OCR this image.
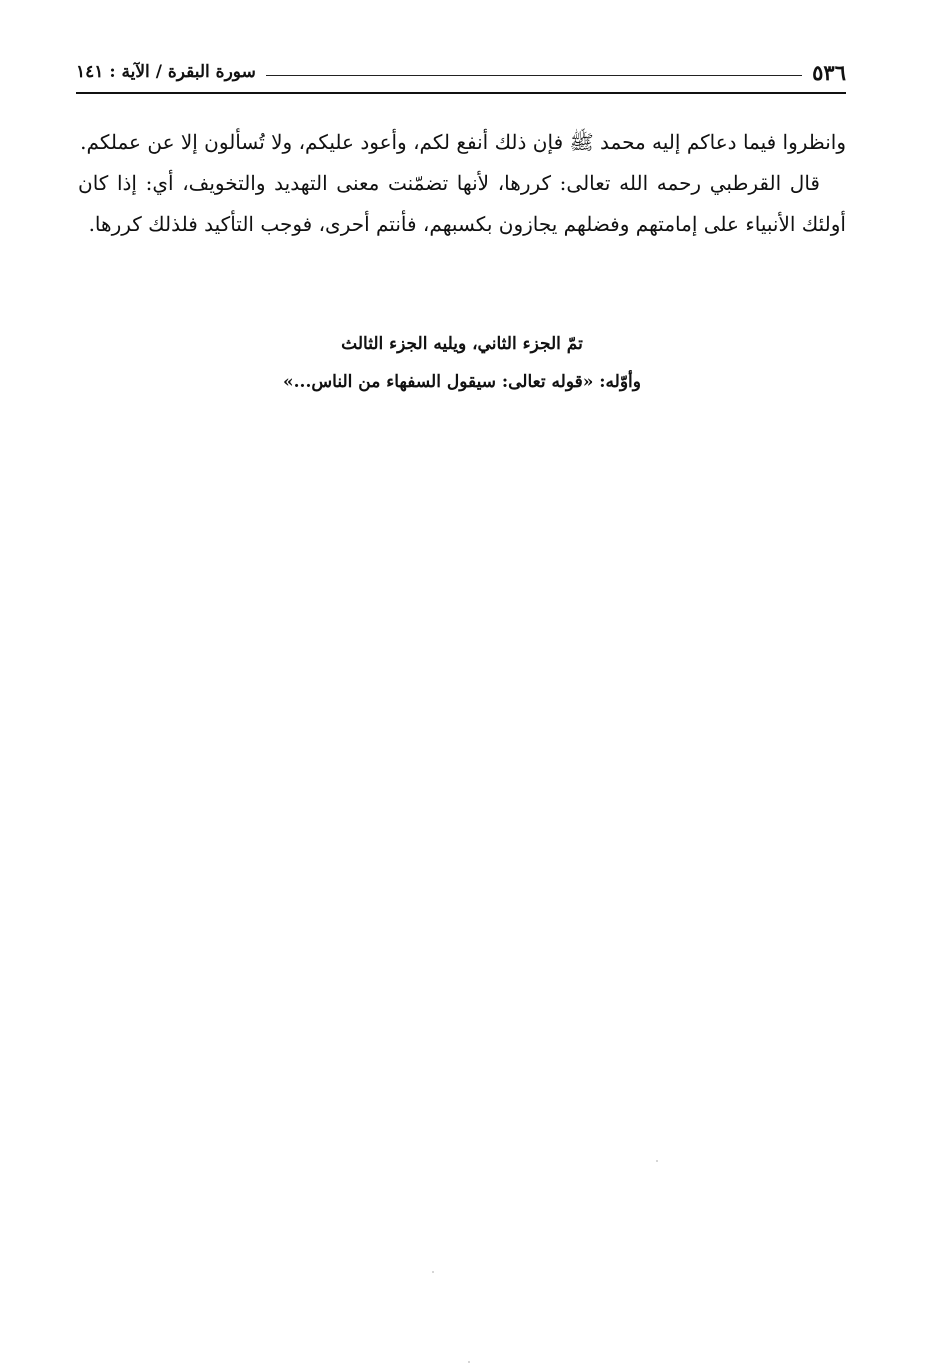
٥٣٦
سورة البقرة / الآية : ١٤١

وانظروا فيما دعاكم إليه محمد ﷺ فإن ذلك أنفع لكم، وأعود عليكم، ولا تُسألون إلا عن عملكم.

قال القرطبي رحمه الله تعالى: كررها، لأنها تضمّنت معنى التهديد والتخويف، أي: إذا كان أولئك الأنبياء على إمامتهم وفضلهم يجازون بكسبهم، فأنتم أحرى، فوجب التأكيد فلذلك كررها.

تمّ الجزء الثاني، ويليه الجزء الثالث
وأوّله: «قوله تعالى: سيقول السفهاء من الناس...»
